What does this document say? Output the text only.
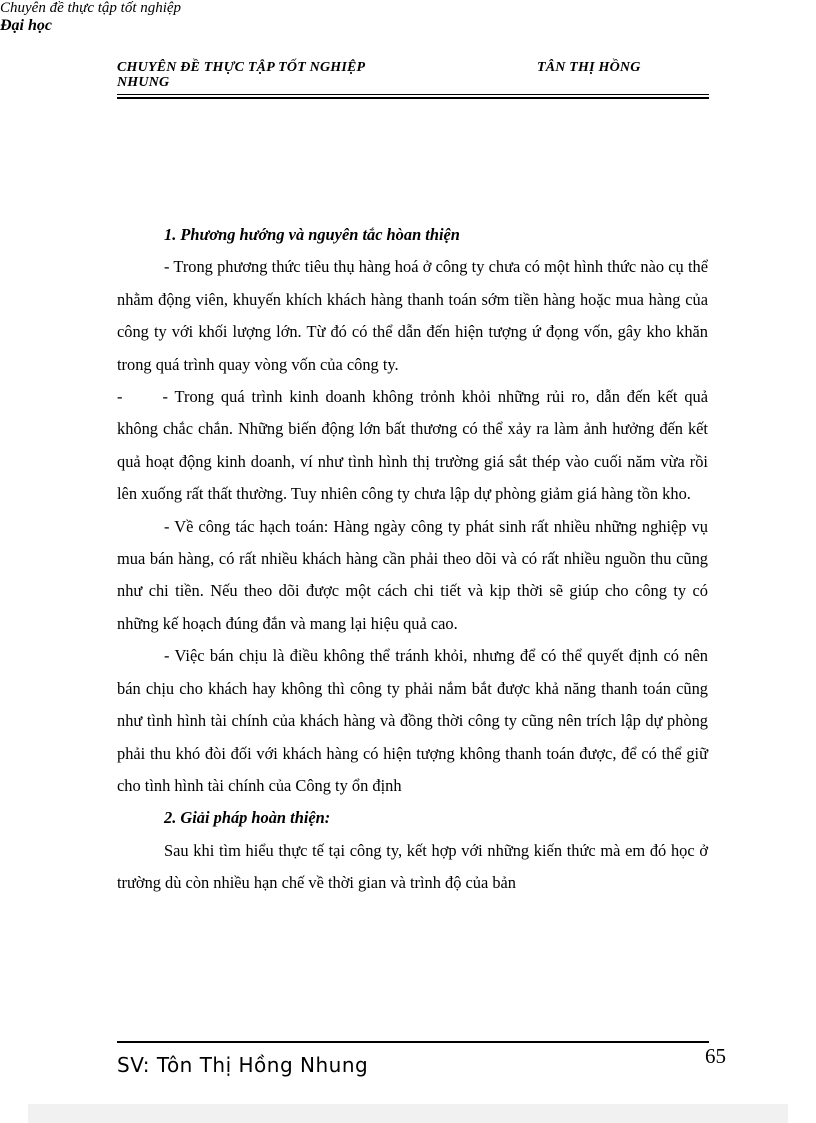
CHUYÊN ĐỀ THỰC TẬP TỐT NGHIỆP
NHUNG
Chuyên đề thực tập tốt nghiệp
TÂN THỊ HỒNG
Đại học

1. Phương hướng và nguyên tắc hòan thiện

- Trong phương thức tiêu thụ hàng hoá ở công ty chưa có một hình thức nào cụ thể nhằm động viên, khuyến khích khách hàng thanh toán sớm tiền hàng hoặc mua hàng của công ty với khối lượng lớn. Từ đó có thể dẫn đến hiện tượng ứ đọng vốn, gây kho khăn trong quá trình quay vòng vốn của công ty.

- - Trong quá trình kinh doanh không trỏnh khỏi những rủi ro, dẫn đến kết quả không chắc chắn. Những biến động lớn bất thương có thể xảy ra làm ảnh hưởng đến kết quả hoạt động kinh doanh, ví như tình hình thị trường giá sắt thép vào cuối năm vừa rồi lên xuống rất thất thường. Tuy nhiên công ty chưa lập dự phòng giảm giá hàng tồn kho.

- Về công tác hạch toán: Hàng ngày công ty phát sinh rất nhiều những nghiệp vụ mua bán hàng, có rất nhiều khách hàng cần phải theo dõi và có rất nhiều nguồn thu cũng như chi tiền. Nếu theo dõi được một cách chi tiết và kịp thời sẽ giúp cho công ty có những kế hoạch đúng đắn và mang lại hiệu quả cao.

- Việc bán chịu là điều không thể tránh khỏi, nhưng để có thể quyết định có nên bán chịu cho khách hay không thì công ty phải nắm bắt được khả năng thanh toán cũng như tình hình tài chính của khách hàng và đồng thời công ty cũng nên trích lập dự phòng phải thu khó đòi đối với khách hàng có hiện tượng không thanh toán được, để có thể giữ cho tình hình tài chính của Công ty ổn định

2. Giải pháp hoàn thiện:

Sau khi tìm hiểu thực tế tại công ty, kết hợp với những kiến thức mà em đó học ở trường dù còn nhiều hạn chế về thời gian và trình độ của bản

SV: Tôn Thị Hồng Nhung	65
